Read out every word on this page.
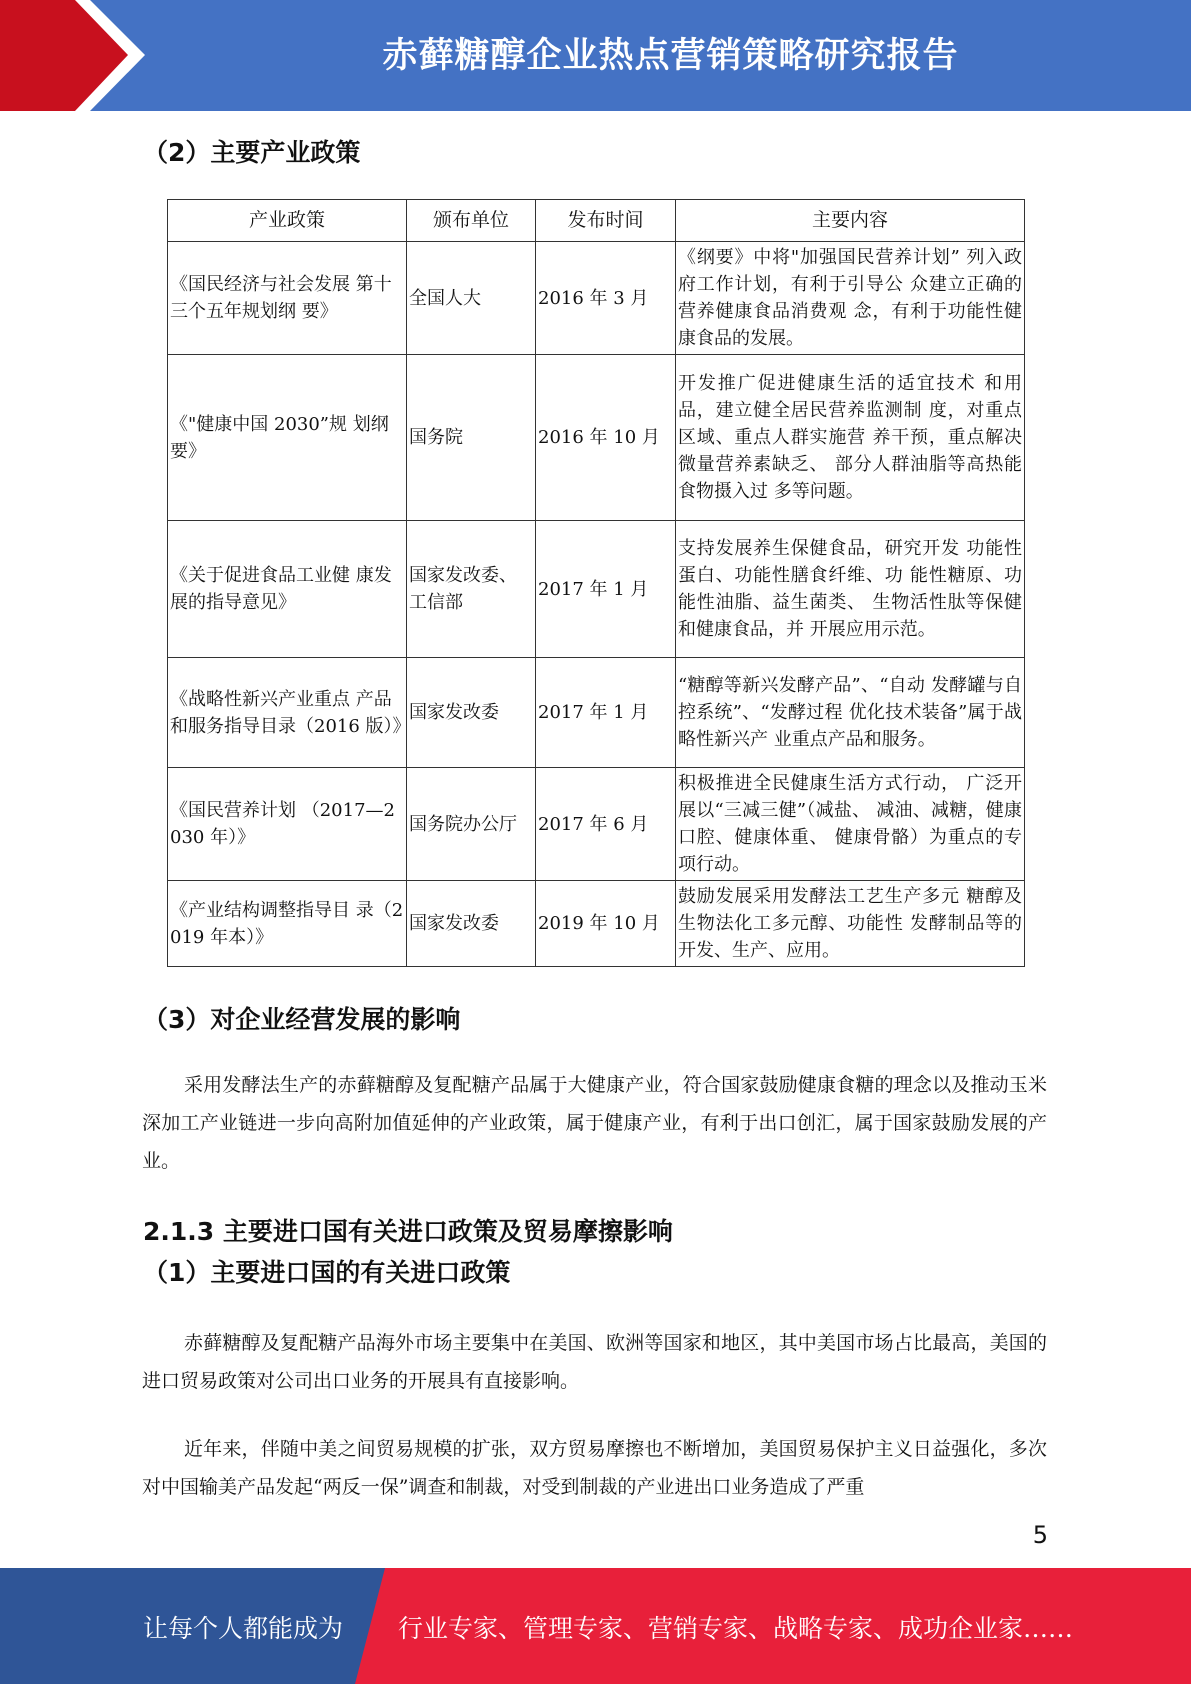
赤藓糖醇企业热点营销策略研究报告
（2）主要产业政策
产业政策	颁布单位	发布时间	主要内容
《国民经济与社会发展 第十三个五年规划纲 要》	全国人大	2016 年 3 月	《纲要》中将"加强国民营养计划” 列入政府工作计划，有利于引导公 众建立正确的营养健康食品消费观 念，有利于功能性健康食品的发展。
《"健康中国 2030”规 划纲要》	国务院	2016 年 10 月	开发推广促进健康生活的适宜技术 和用品，建立健全居民营养监测制 度，对重点区域、重点人群实施营 养干预，重点解决微量营养素缺乏、 部分人群油脂等高热能食物摄入过 多等问题。
《关于促进食品工业健 康发展的指导意见》	国家发改委、工信部	2017 年 1 月	支持发展养生保健食品，研究开发 功能性蛋白、功能性膳食纤维、功 能性糖原、功能性油脂、益生菌类、 生物活性肽等保健和健康食品，并 开展应用示范。
《战略性新兴产业重点 产品和服务指导目录（2016 版）》	国家发改委	2017 年 1 月	“糖醇等新兴发酵产品”、“自动 发酵罐与自控系统”、“发酵过程 优化技术装备”属于战略性新兴产 业重点产品和服务。
《国民营养计划 （2017—2030 年）》	国务院办公厅	2017 年 6 月	积极推进全民健康生活方式行动， 广泛开展以“三减三健”（减盐、 减油、减糖，健康口腔、健康体重、 健康骨骼）为重点的专项行动。
《产业结构调整指导目 录（2019 年本）》	国家发改委	2019 年 10 月	鼓励发展采用发酵法工艺生产多元 糖醇及生物法化工多元醇、功能性 发酵制品等的开发、生产、应用。
（3）对企业经营发展的影响

采用发酵法生产的赤藓糖醇及复配糖产品属于大健康产业，符合国家鼓励健康食糖的理念以及推动玉米深加工产业链进一步向高附加值延伸的产业政策，属于健康产业，有利于出口创汇，属于国家鼓励发展的产业。

2.1.3 主要进口国有关进口政策及贸易摩擦影响
（1）主要进口国的有关进口政策

赤藓糖醇及复配糖产品海外市场主要集中在美国、欧洲等国家和地区，其中美国市场占比最高，美国的进口贸易政策对公司出口业务的开展具有直接影响。

近年来，伴随中美之间贸易规模的扩张，双方贸易摩擦也不断增加，美国贸易保护主义日益强化，多次对中国输美产品发起“两反一保”调查和制裁，对受到制裁的产业进出口业务造成了严重

5
让每个人都能成为 行业专家、管理专家、营销专家、战略专家、成功企业家……
